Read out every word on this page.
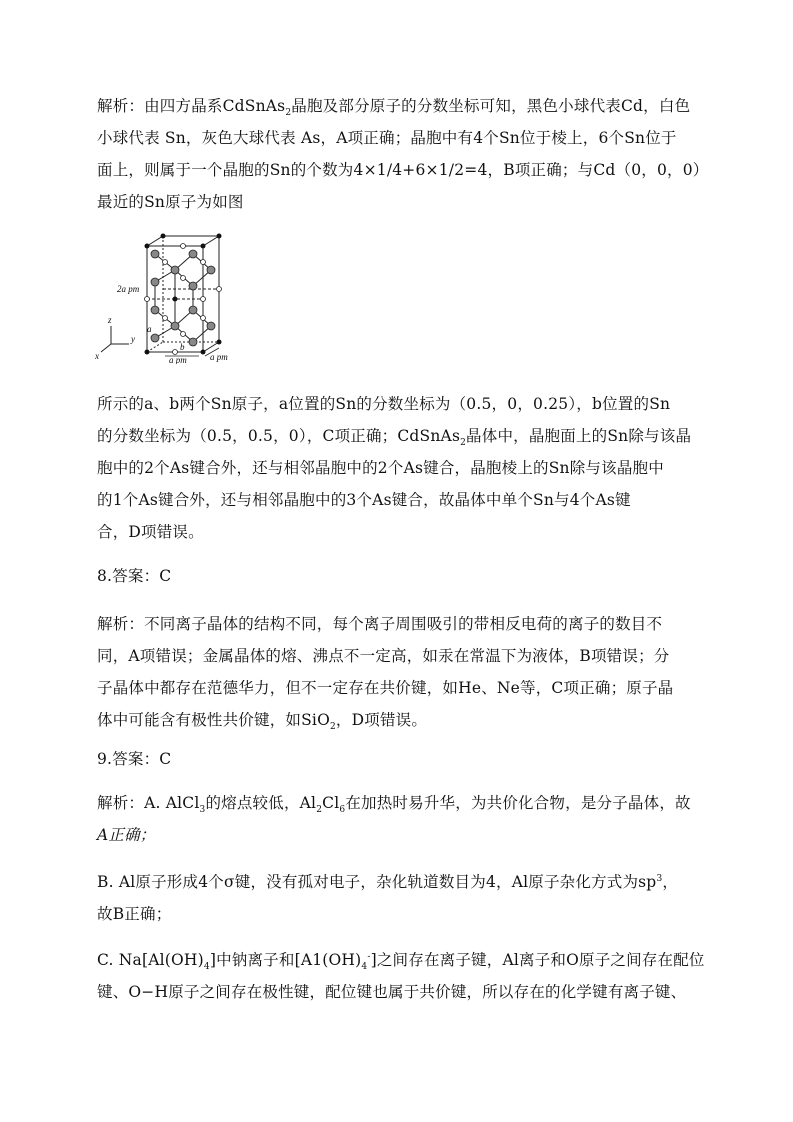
解析：由四方晶系CdSnAs$_2$晶胞及部分原子的分数坐标可知，黑色小球代表Cd，白色
小球代表 Sn，灰色大球代表 As，A项正确；晶胞中有4个Sn位于棱上，6个Sn位于
面上，则属于一个晶胞的Sn的个数为4×1/4+6×1/2=4，B项正确；与Cd（0，0，0）
最近的Sn原子为如图
2a pm
z
y
x
a
b
a pm	a pm
所示的a、b两个Sn原子，a位置的Sn的分数坐标为（0.5，0，0.25），b位置的Sn
的分数坐标为（0.5，0.5，0），C项正确；CdSnAs$_2$晶体中，晶胞面上的Sn除与该晶
胞中的2个As键合外，还与相邻晶胞中的2个As键合，晶胞棱上的Sn除与该晶胞中
的1个As键合外，还与相邻晶胞中的3个As键合，故晶体中单个Sn与4个As键
合，D项错误。
8.答案：C
解析：不同离子晶体的结构不同，每个离子周围吸引的带相反电荷的离子的数目不
同，A项错误；金属晶体的熔、沸点不一定高，如汞在常温下为液体，B项错误；分
子晶体中都存在范德华力，但不一定存在共价键，如He、Ne等，C项正确；原子晶
体中可能含有极性共价键，如SiO$_2$，D项错误。
9.答案：C
解析：A. AlCl$_3$的熔点较低，$Al_2Cl_6$在加热时易升华，为共价化合物，是分子晶体，故
A正确；
B. Al原子形成4个σ键，没有孤对电子，杂化轨道数目为4，Al原子杂化方式为$sp^3$，
故B正确；
C. $Na[Al(OH)_4]$中钠离子和$[A1(OH)_4^-]$之间存在离子键，Al离子和O原子之间存在配位
键、O−H原子之间存在极性键，配位键也属于共价键，所以存在的化学键有离子键、
